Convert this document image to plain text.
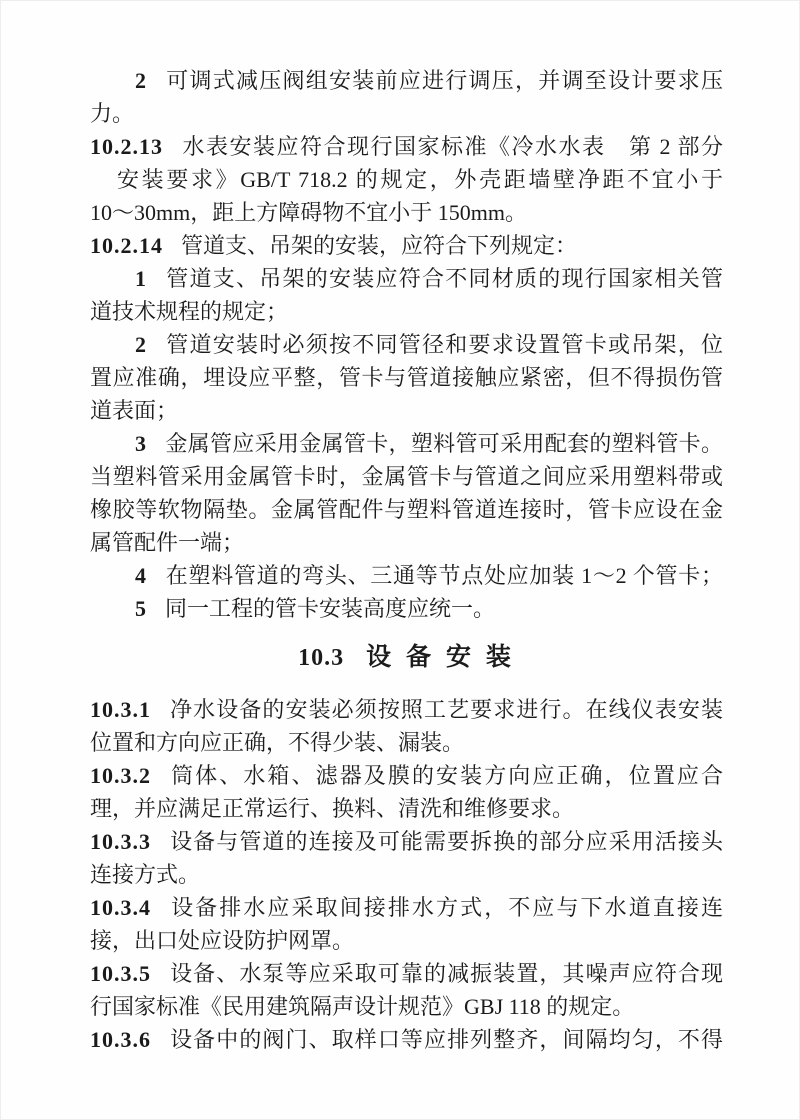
2 可调式减压阀组安装前应进行调压，并调至设计要求压
力。
10.2.13 水表安装应符合现行国家标准《冷水水表　第 2 部分
安装要求》GB/T 718.2 的规定，外壳距墙壁净距不宜小于
10～30mm，距上方障碍物不宜小于 150mm。
10.2.14 管道支、吊架的安装，应符合下列规定：
1 管道支、吊架的安装应符合不同材质的现行国家相关管
道技术规程的规定；
2 管道安装时必须按不同管径和要求设置管卡或吊架，位
置应准确，埋设应平整，管卡与管道接触应紧密，但不得损伤管
道表面；
3 金属管应采用金属管卡，塑料管可采用配套的塑料管卡。
当塑料管采用金属管卡时，金属管卡与管道之间应采用塑料带或
橡胶等软物隔垫。金属管配件与塑料管道连接时，管卡应设在金
属管配件一端；
4 在塑料管道的弯头、三通等节点处应加装 1～2 个管卡；
5 同一工程的管卡安装高度应统一。
10.3 设 备 安 装
10.3.1 净水设备的安装必须按照工艺要求进行。在线仪表安装
位置和方向应正确，不得少装、漏装。
10.3.2 筒体、水箱、滤器及膜的安装方向应正确，位置应合
理，并应满足正常运行、换料、清洗和维修要求。
10.3.3 设备与管道的连接及可能需要拆换的部分应采用活接头
连接方式。
10.3.4 设备排水应采取间接排水方式，不应与下水道直接连
接，出口处应设防护网罩。
10.3.5 设备、水泵等应采取可靠的减振装置，其噪声应符合现
行国家标准《民用建筑隔声设计规范》GBJ 118 的规定。
10.3.6 设备中的阀门、取样口等应排列整齐，间隔均匀，不得
